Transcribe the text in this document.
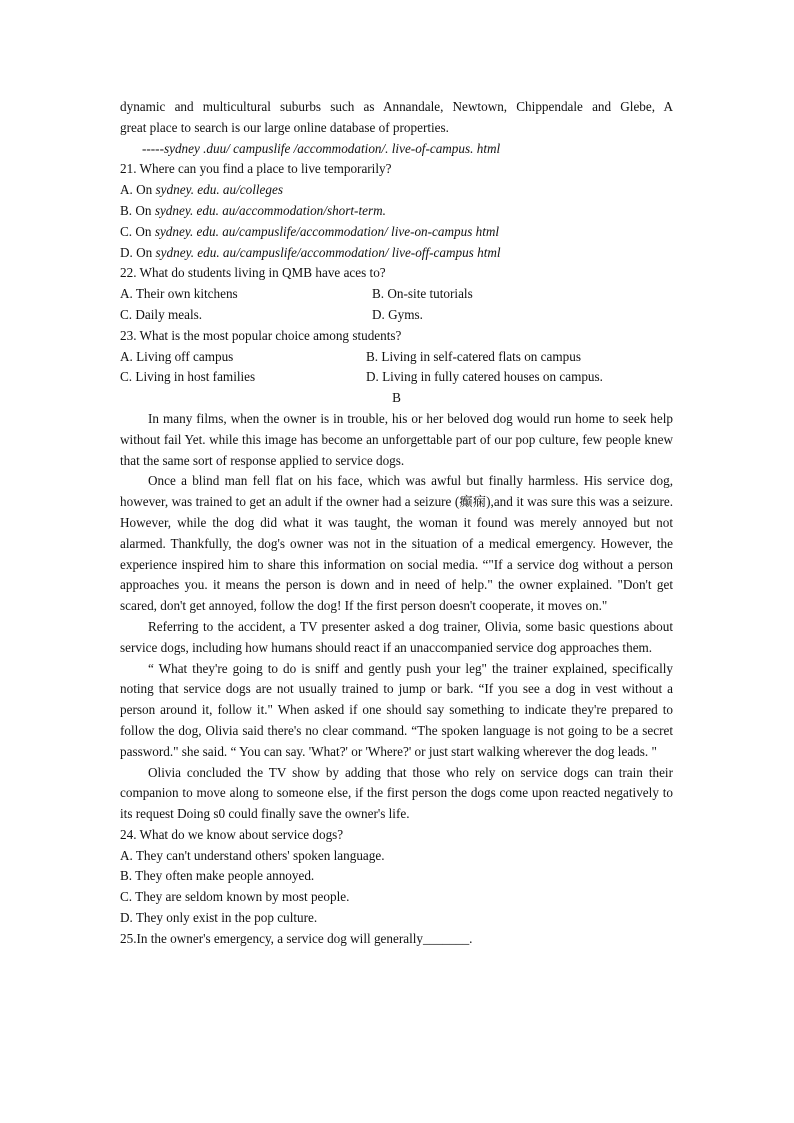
dynamic and multicultural suburbs such as Annandale, Newtown, Chippendale and Glebe, A
great place to search is our large online database of properties.
-----sydney .duu/ campuslife /accommodation/. live-of-campus. html
21. Where can you find a place to live temporarily?
A. On sydney. edu. au/colleges
B. On sydney. edu. au/accommodation/short-term.
C. On sydney. edu. au/campuslife/accommodation/ live-on-campus html
D. On sydney. edu. au/campuslife/accommodation/ live-off-campus html
22. What do students living in QMB have aces to?
A. Their own kitchens	B. On-site tutorials
C. Daily meals.	D. Gyms.
23. What is the most popular choice among students?
A. Living off campus	B. Living in self-catered flats on campus
C. Living in host families	D. Living in fully catered houses on campus.
B

In many films, when the owner is in trouble, his or her beloved dog would run home to seek help without fail Yet. while this image has become an unforgettable part of our pop culture, few people knew that the same sort of response applied to service dogs.

Once a blind man fell flat on his face, which was awful but finally harmless. His service dog, however, was trained to get an adult if the owner had a seizure (癫痫),and it was sure this was a seizure. However, while the dog did what it was taught, the woman it found was merely annoyed but not alarmed. Thankfully, the dog's owner was not in the situation of a medical emergency. However, the experience inspired him to share this information on social media. “"If a service dog without a person approaches you. it means the person is down and in need of help." the owner explained. "Don't get scared, don't get annoyed, follow the dog! If the first person doesn't cooperate, it moves on."

Referring to the accident, a TV presenter asked a dog trainer, Olivia, some basic questions about service dogs, including how humans should react if an unaccompanied service dog approaches them.

“ What they're going to do is sniff and gently push your leg" the trainer explained, specifically noting that service dogs are not usually trained to jump or bark. “If you see a dog in vest without a person around it, follow it." When asked if one should say something to indicate they're prepared to follow the dog, Olivia said there's no clear command. “The spoken language is not going to be a secret password." she said. “ You can say. 'What?' or 'Where?' or just start walking wherever the dog leads. "

Olivia concluded the TV show by adding that those who rely on service dogs can train their companion to move along to someone else, if the first person the dogs come upon reacted negatively to its request Doing s0 could finally save the owner's life.

24. What do we know about service dogs?
A. They can't understand others' spoken language.
B. They often make people annoyed.
C. They are seldom known by most people.
D. They only exist in the pop culture.
25.In the owner's emergency, a service dog will generally_______.
